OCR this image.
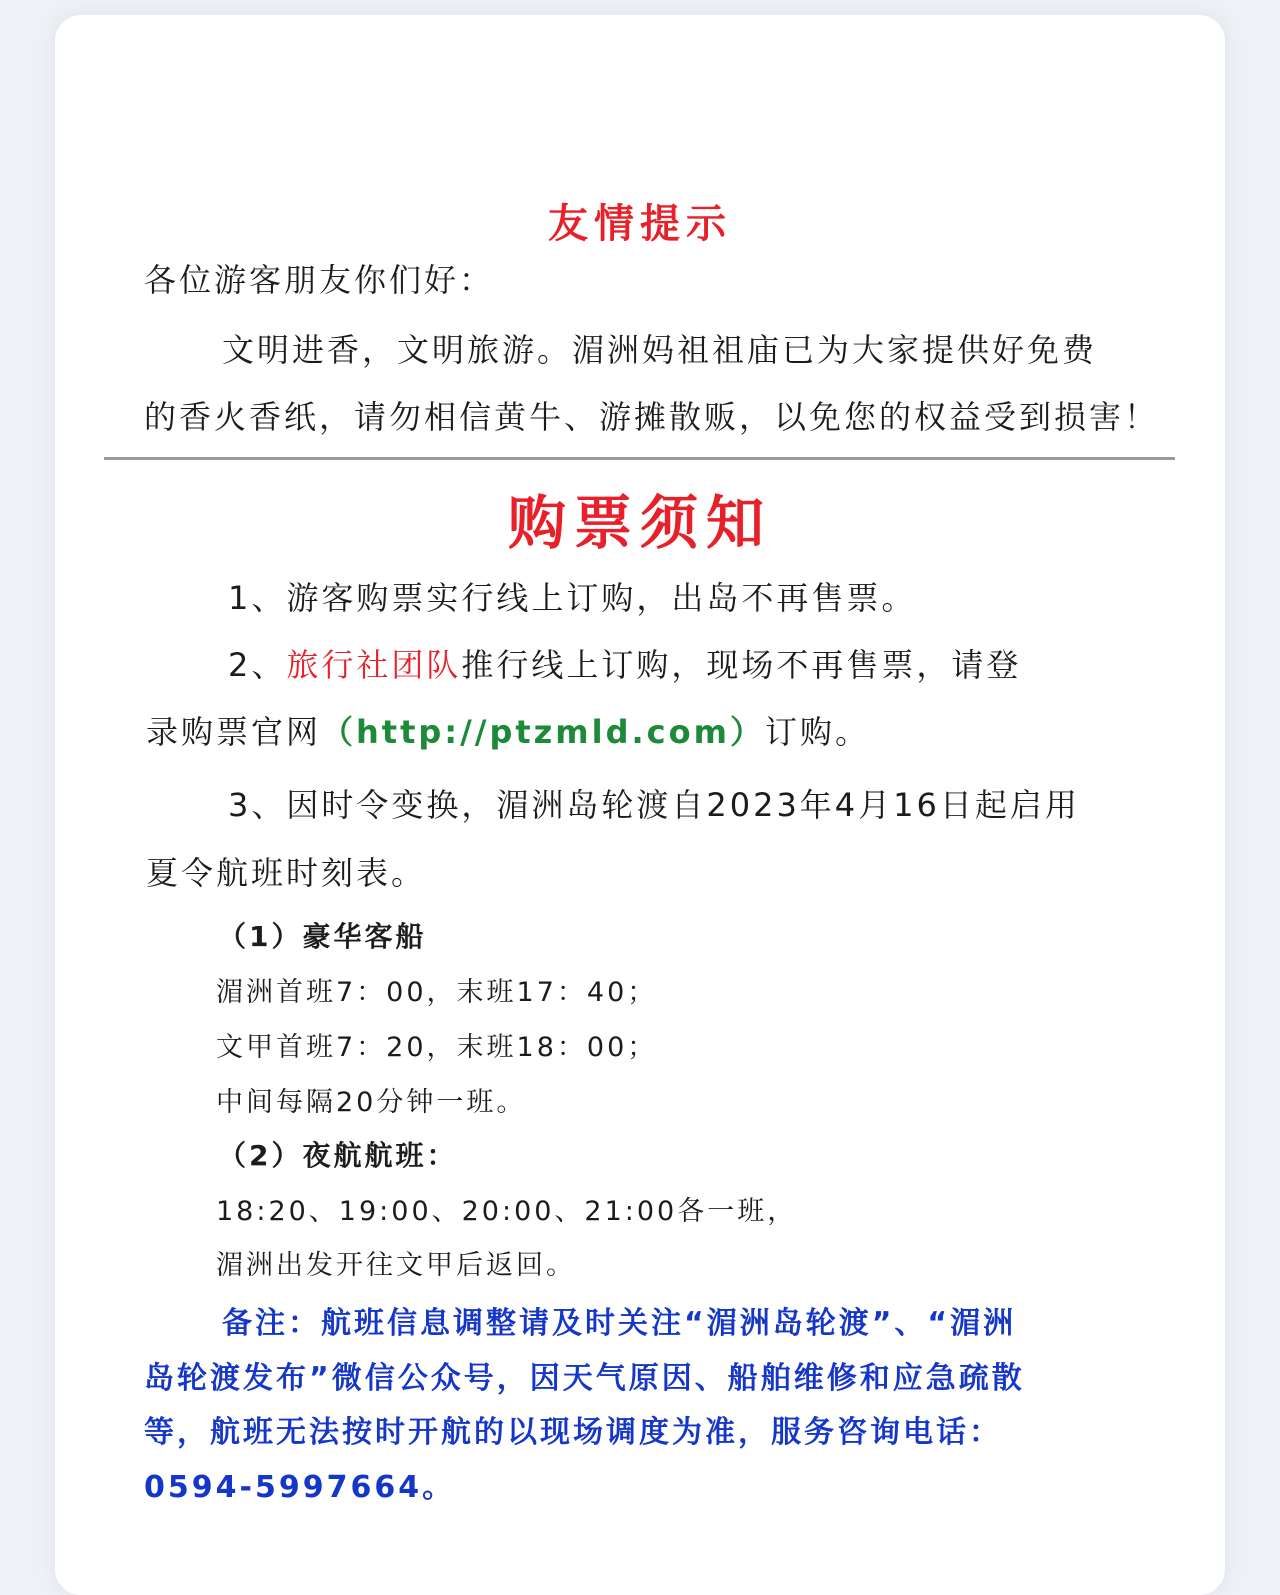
友情提示

各位游客朋友你们好：

文明进香，文明旅游。湄洲妈祖祖庙已为大家提供好免费

的香火香纸，请勿相信黄牛、游摊散贩，以免您的权益受到损害！

购票须知

1、游客购票实行线上订购，出岛不再售票。

2、旅行社团队推行线上订购，现场不再售票，请登

录购票官网（http://ptzmld.com）订购。

3、因时令变换，湄洲岛轮渡自2023年4月16日起启用

夏令航班时刻表。

（1）豪华客船

湄洲首班7：00，末班17：40；

文甲首班7：20，末班18：00；

中间每隔20分钟一班。

（2）夜航航班：

18:20、19:00、20:00、21:00各一班，

湄洲出发开往文甲后返回。

备注：航班信息调整请及时关注“湄洲岛轮渡”、“湄洲

岛轮渡发布”微信公众号，因天气原因、船舶维修和应急疏散

等，航班无法按时开航的以现场调度为准，服务咨询电话：

0594-5997664。
